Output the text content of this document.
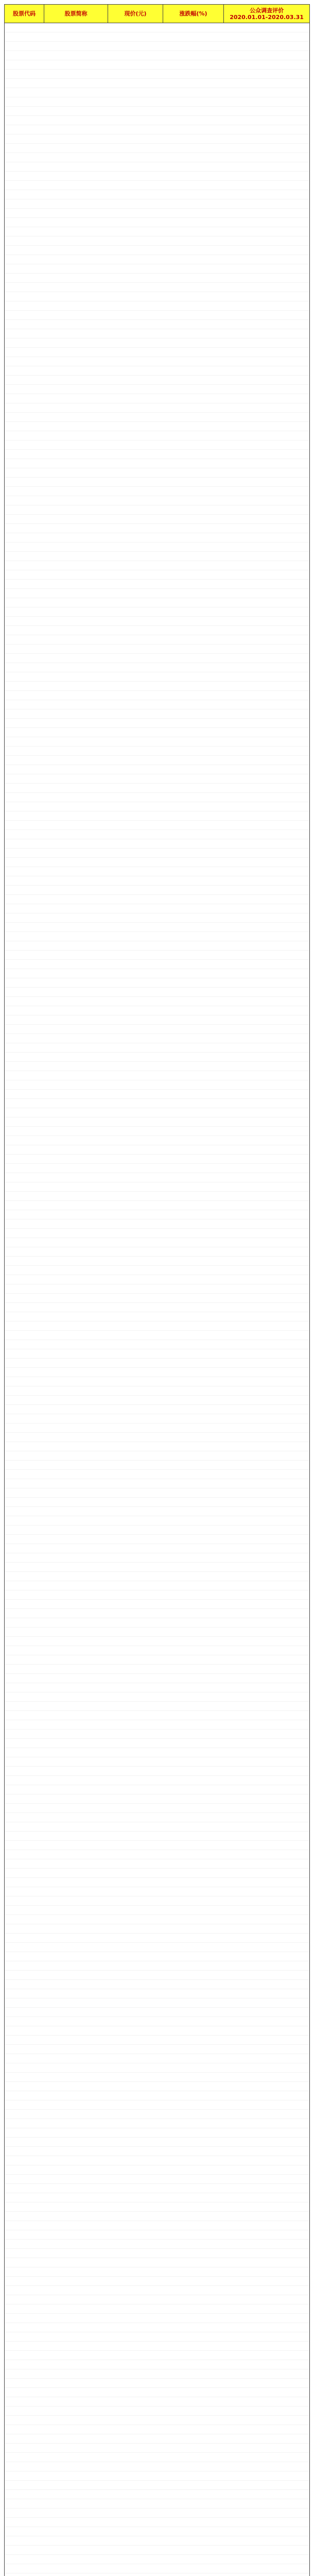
股票代码	股票简称	现价(元)	涨跌幅(%)	公众调查评价
2020.01.01-2020.03.31
